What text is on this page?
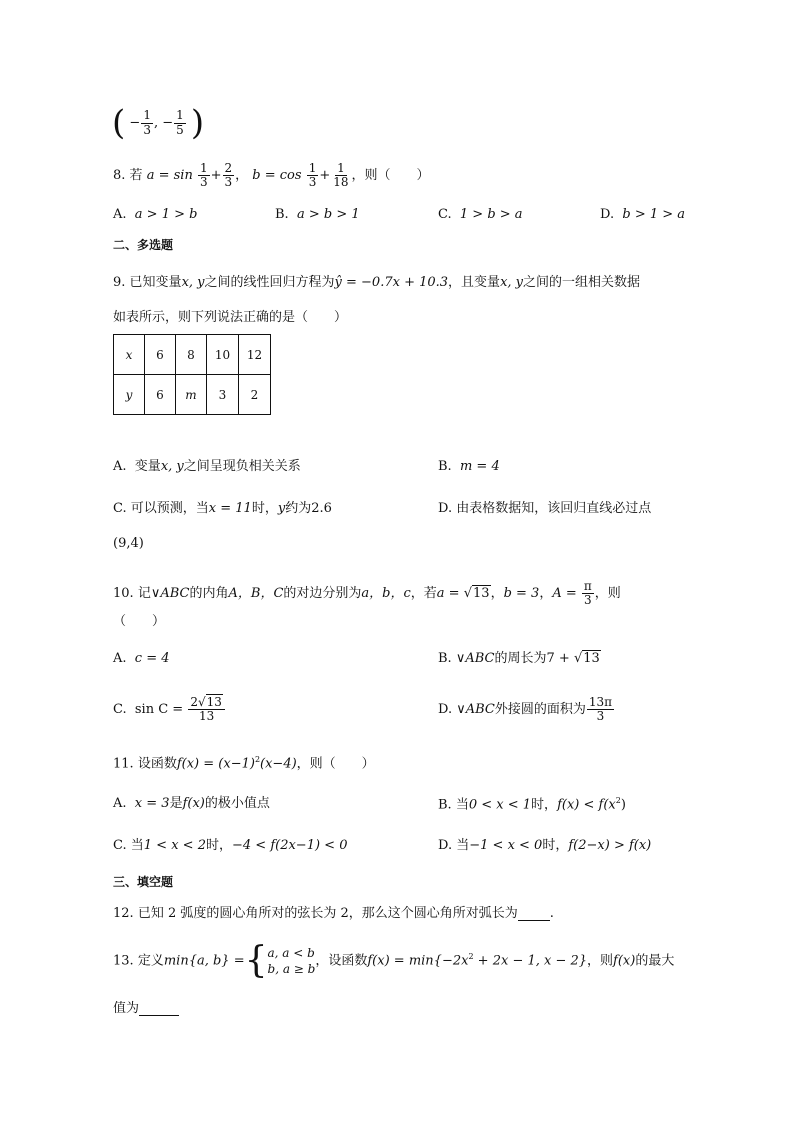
( − $\frac{1}{3}$ , − $\frac{1}{5}$ )
8. 若 $a = \sin \frac{1}{3} + \frac{2}{3}$ ， $b = \cos \frac{1}{3} + \frac{1}{18}$ ，则（　　）
A. a > 1 > b	B. a > b > 1	C. 1 > b > a	D. b > 1 > a
二、多选题
9. 已知变量x, y之间的线性回归方程为ŷ = −0.7x + 10.3，且变量x, y之间的一组相关数据
如表所示，则下列说法正确的是（　　）
x	6	8	10	12
y	6	m	3	2
A. 变量x, y之间呈现负相关关系	B. m = 4
C. 可以预测，当x = 11时，y约为2.6	D. 由表格数据知，该回归直线必过点
(9,4)
10. 记∨ABC的内角A，B，C的对边分别为a，b，c，若a = √13，b = 3，$A = \frac{\pi}{3}$ ，则
（　　）
A. c = 4	B. ∨ABC的周长为7 + √13
C. $\sin C = \frac{2√13}{13}$	D. ∨ABC外接圆的面积为 $\frac{13\pi}{3}$
11. 设函数$f(x) = (x-1)^2(x-4)$，则（　　）
A. x = 3是f(x)的极小值点	B. 当0 < x < 1时，$f(x) < f(x^2)$
C. 当1 < x < 2时，−4 < f(2x−1) < 0	D. 当−1 < x < 0时，f(2−x) > f(x)
三、填空题
12. 已知 2 弧度的圆心角所对的弦长为 2，那么这个圆心角所对弧长为 .
13. 定义min{a, b} ={ a, a < b
b, a ≥ b
，设函数$f(x) = \min\{-2x^2 + 2x - 1$, x − 2}，则f(x)的最大
值为
